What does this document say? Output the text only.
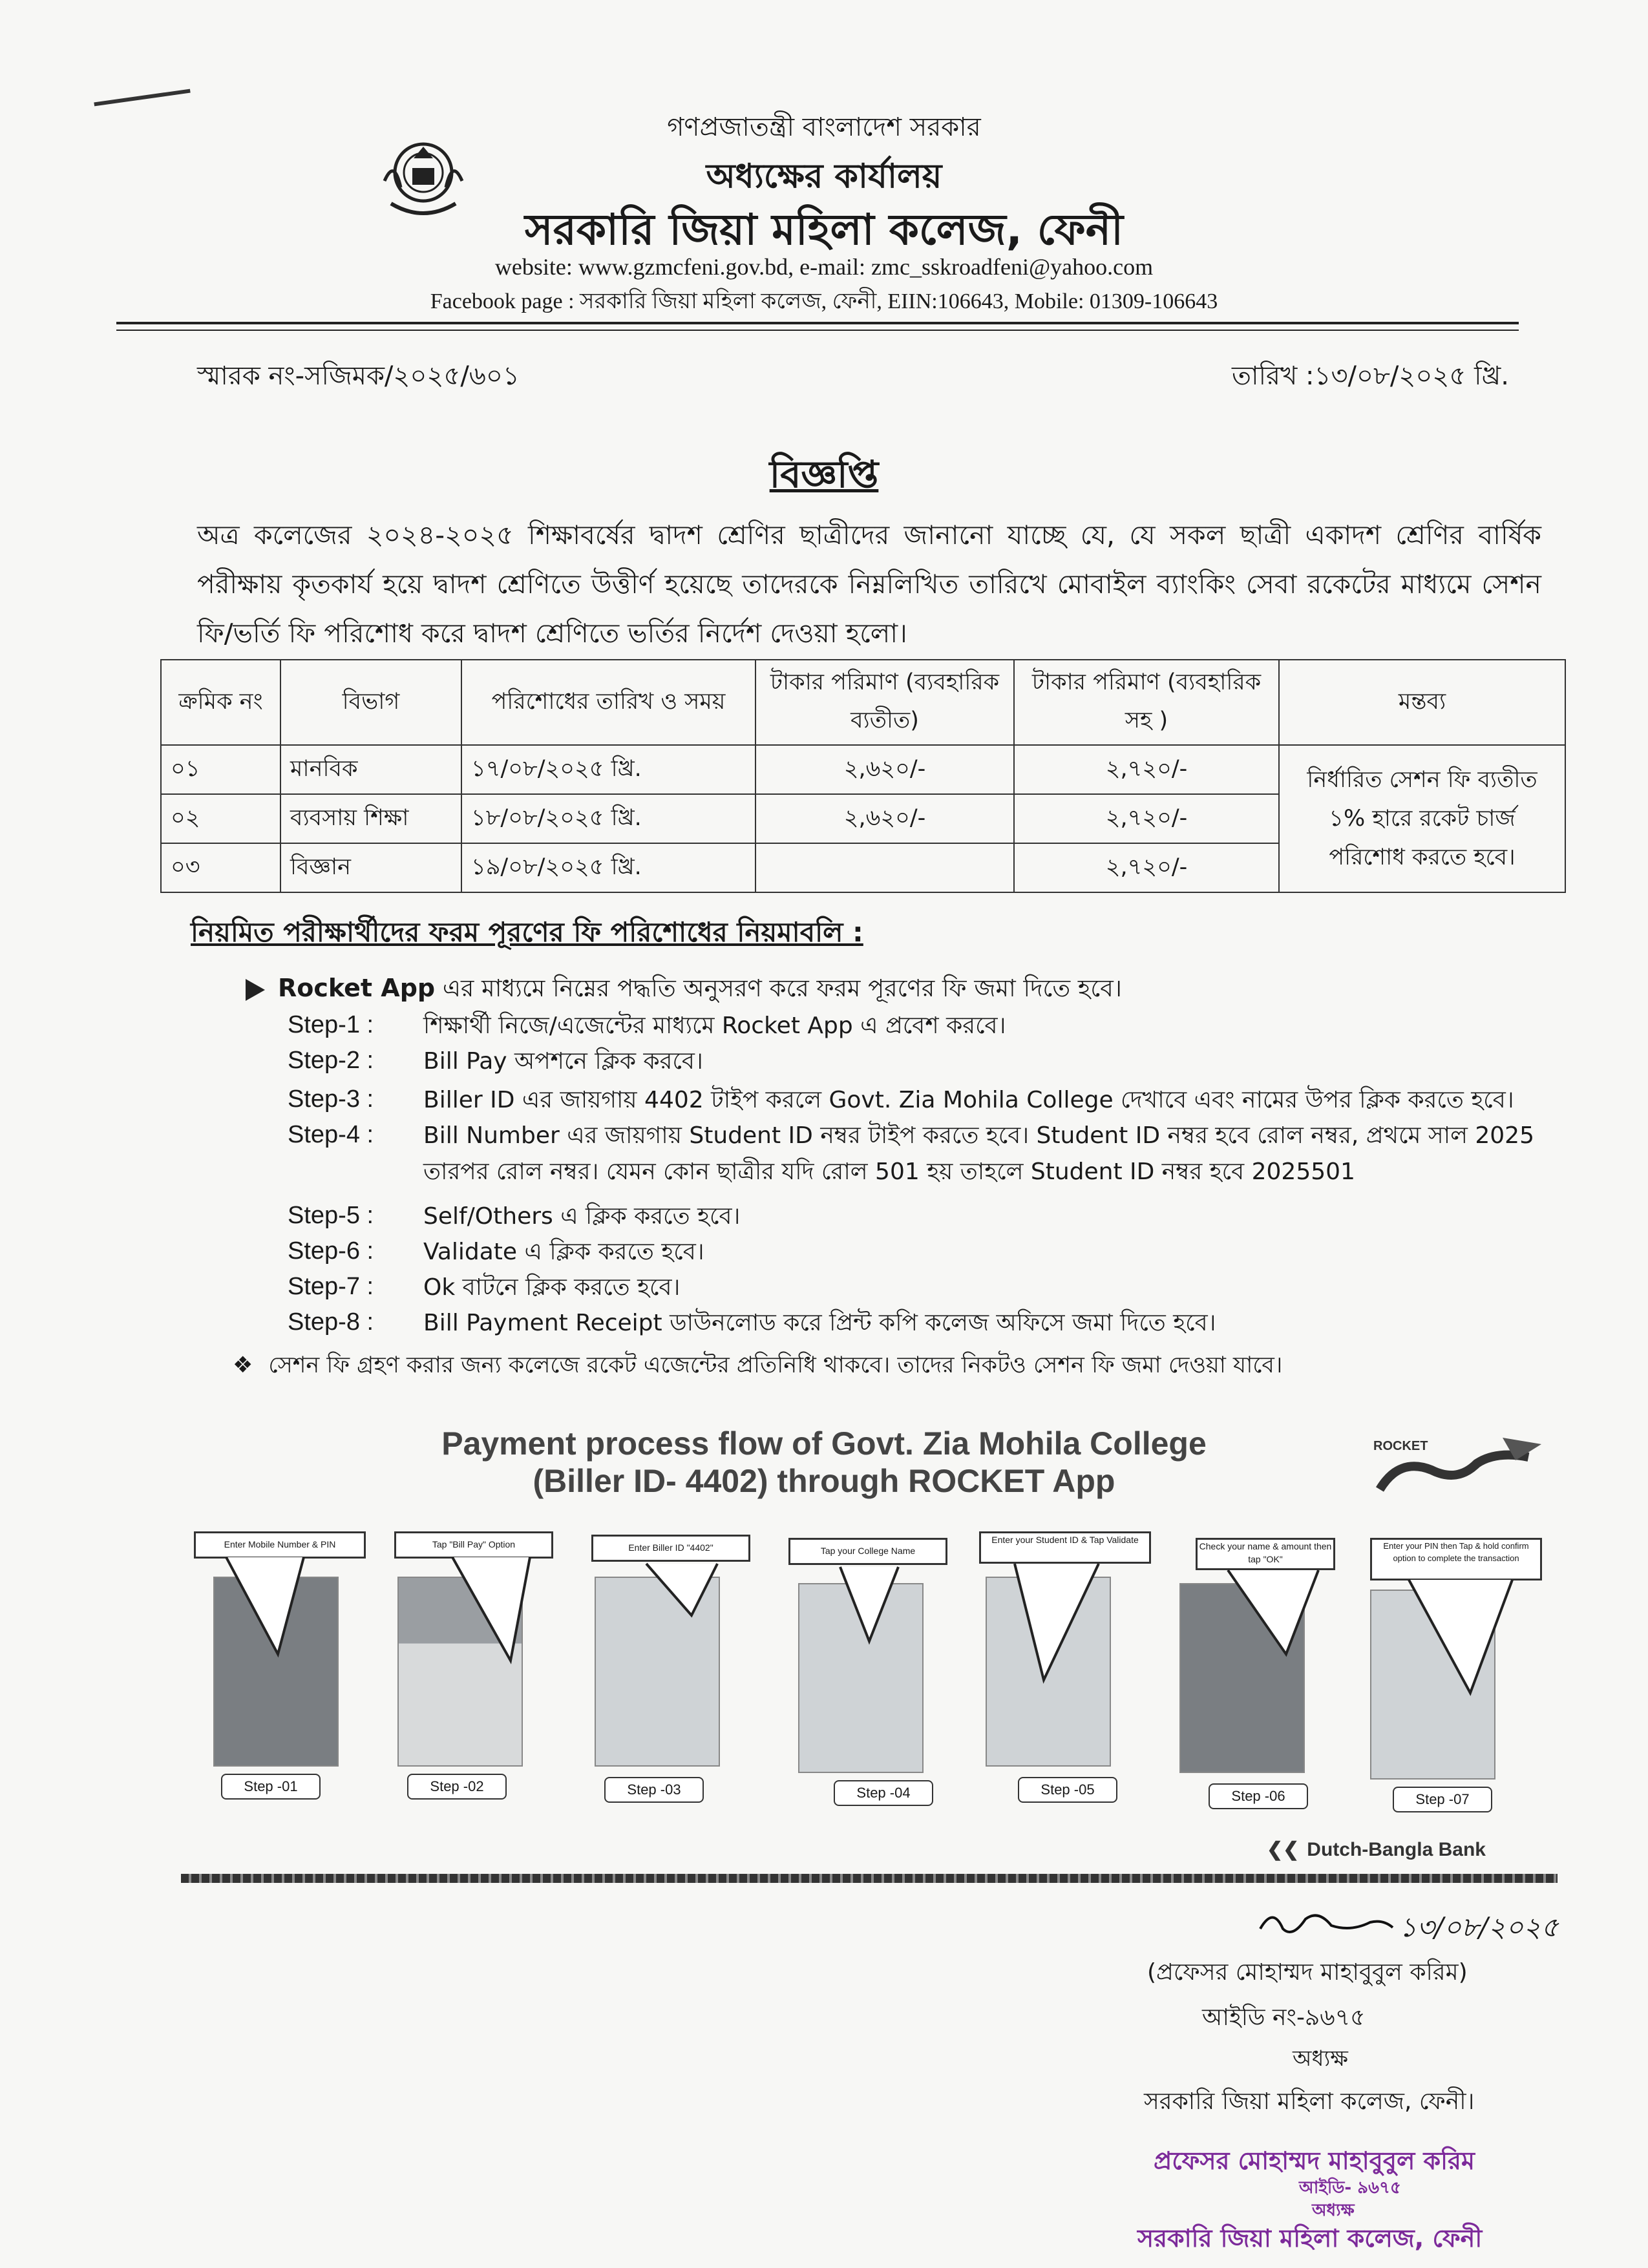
গণপ্রজাতন্ত্রী বাংলাদেশ সরকার
অধ্যক্ষের কার্যালয়
সরকারি জিয়া মহিলা কলেজ, ফেনী
website: www.gzmcfeni.gov.bd, e-mail: zmc_sskroadfeni@yahoo.com
Facebook page : সরকারি জিয়া মহিলা কলেজ, ফেনী, EIIN:106643, Mobile: 01309-106643
স্মারক নং-সজিমক/২০২৫/৬০১	তারিখ :১৩/০৮/২০২৫ খ্রি.
বিজ্ঞপ্তি
অত্র কলেজের ২০২৪-২০২৫ শিক্ষাবর্ষের দ্বাদশ শ্রেণির ছাত্রীদের জানানো যাচ্ছে যে, যে সকল ছাত্রী একাদশ শ্রেণির বার্ষিক পরীক্ষায় কৃতকার্য হয়ে দ্বাদশ শ্রেণিতে উত্তীর্ণ হয়েছে তাদেরকে নিম্নলিখিত তারিখে মোবাইল ব্যাংকিং সেবা রকেটের মাধ্যমে সেশন ফি/ভর্তি ফি পরিশোধ করে দ্বাদশ শ্রেণিতে ভর্তির নির্দেশ দেওয়া হলো।
ক্রমিক নং	বিভাগ	পরিশোধের তারিখ ও সময়	টাকার পরিমাণ (ব্যবহারিক ব্যতীত)	টাকার পরিমাণ (ব্যবহারিক সহ )	মন্তব্য
০১	মানবিক	১৭/০৮/২০২৫ খ্রি.	২,৬২০/-	২,৭২০/-	নির্ধারিত সেশন ফি ব্যতীত ১% হারে রকেট চার্জ পরিশোধ করতে হবে।
০২	ব্যবসায় শিক্ষা	১৮/০৮/২০২৫ খ্রি.	২,৬২০/-	২,৭২০/-	
০৩	বিজ্ঞান	১৯/০৮/২০২৫ খ্রি.		২,৭২০/-	
নিয়মিত পরীক্ষার্থীদের ফরম পূরণের ফি পরিশোধের নিয়মাবলি :
Rocket App এর মাধ্যমে নিম্নের পদ্ধতি অনুসরণ করে ফরম পূরণের ফি জমা দিতে হবে।
Step-1 : শিক্ষার্থী নিজে/এজেন্টের মাধ্যমে Rocket App এ প্রবেশ করবে।
Step-2 : Bill Pay অপশনে ক্লিক করবে।
Step-3 : Biller ID এর জায়গায় 4402 টাইপ করলে Govt. Zia Mohila College দেখাবে এবং নামের উপর ক্লিক করতে হবে।
Step-4 : Bill Number এর জায়গায় Student ID নম্বর টাইপ করতে হবে। Student ID নম্বর হবে রোল নম্বর, প্রথমে সাল 2025 তারপর রোল নম্বর। যেমন কোন ছাত্রীর যদি রোল 501 হয় তাহলে Student ID নম্বর হবে 2025501
Step-5 : Self/Others এ ক্লিক করতে হবে।
Step-6 : Validate এ ক্লিক করতে হবে।
Step-7 : Ok বাটনে ক্লিক করতে হবে।
Step-8 : Bill Payment Receipt ডাউনলোড করে প্রিন্ট কপি কলেজ অফিসে জমা দিতে হবে।
❖ সেশন ফি গ্রহণ করার জন্য কলেজে রকেট এজেন্টের প্রতিনিধি থাকবে। তাদের নিকটও সেশন ফি জমা দেওয়া যাবে।
Payment process flow of Govt. Zia Mohila College
(Biller ID- 4402) through ROCKET App
ROCKET
Enter Mobile Number & PIN
Step -01
Tap "Bill Pay" Option
Step -02
Enter Biller ID "4402"
Step -03
Tap your College Name
Step -04
Enter your Student ID & Tap Validate
Step -05
Check your name & amount then tap "OK"
Step -06
Enter your PIN then Tap & hold confirm option to complete the transaction
Step -07
❮❮ Dutch-Bangla Bank
১৩/০৮/২০২৫
(প্রফেসর মোহাম্মদ মাহাবুবুল করিম)
আইডি নং-৯৬৭৫
অধ্যক্ষ
সরকারি জিয়া মহিলা কলেজ, ফেনী।
প্রফেসর মোহাম্মদ মাহাবুবুল করিম
আইডি- ৯৬৭৫
অধ্যক্ষ
সরকারি জিয়া মহিলা কলেজ, ফেনী
